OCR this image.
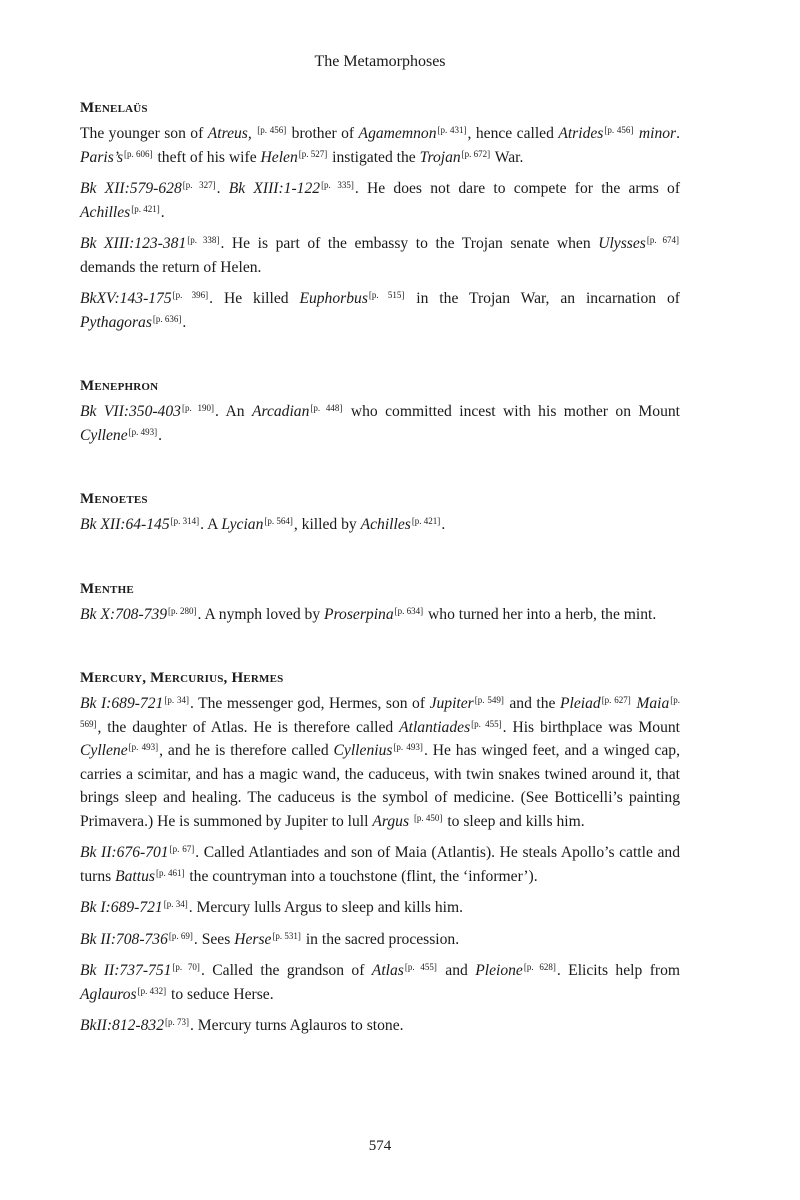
The Metamorphoses
Menelaüs

The younger son of Atreus, [p. 456] brother of Agamemnon[p. 431], hence called Atrides[p. 456] minor. Paris’s[p. 606] theft of his wife Helen[p. 527] instigated the Trojan[p. 672] War.

Bk XII:579-628[p. 327]. Bk XIII:1-122[p. 335]. He does not dare to compete for the arms of Achilles[p. 421].

Bk XIII:123-381[p. 338]. He is part of the embassy to the Trojan senate when Ulysses[p. 674] demands the return of Helen.

BkXV:143-175[p. 396]. He killed Euphorbus[p. 515] in the Trojan War, an incarnation of Pythagoras[p. 636].

Menephron

Bk VII:350-403[p. 190]. An Arcadian[p. 448] who committed incest with his mother on Mount Cyllene[p. 493].

Menoetes

Bk XII:64-145[p. 314]. A Lycian[p. 564], killed by Achilles[p. 421].

Menthe

Bk X:708-739[p. 280]. A nymph loved by Proserpina[p. 634] who turned her into a herb, the mint.

Mercury, Mercurius, Hermes

Bk I:689-721[p. 34]. The messenger god, Hermes, son of Jupiter[p. 549] and the Pleiad[p. 627] Maia[p. 569], the daughter of Atlas. He is therefore called Atlantiades[p. 455]. His birthplace was Mount Cyllene[p. 493], and he is therefore called Cyllenius[p. 493]. He has winged feet, and a winged cap, carries a scimitar, and has a magic wand, the caduceus, with twin snakes twined around it, that brings sleep and healing. The caduceus is the symbol of medicine. (See Botticelli’s painting Primavera.) He is summoned by Jupiter to lull Argus [p. 450] to sleep and kills him.

Bk II:676-701[p. 67]. Called Atlantiades and son of Maia (Atlantis). He steals Apollo’s cattle and turns Battus[p. 461] the countryman into a touchstone (flint, the ‘informer’).

Bk I:689-721[p. 34]. Mercury lulls Argus to sleep and kills him.

Bk II:708-736[p. 69]. Sees Herse[p. 531] in the sacred procession.

Bk II:737-751[p. 70]. Called the grandson of Atlas[p. 455] and Pleione[p. 628]. Elicits help from Aglauros[p. 432] to seduce Herse.

BkII:812-832[p. 73]. Mercury turns Aglauros to stone.

574
